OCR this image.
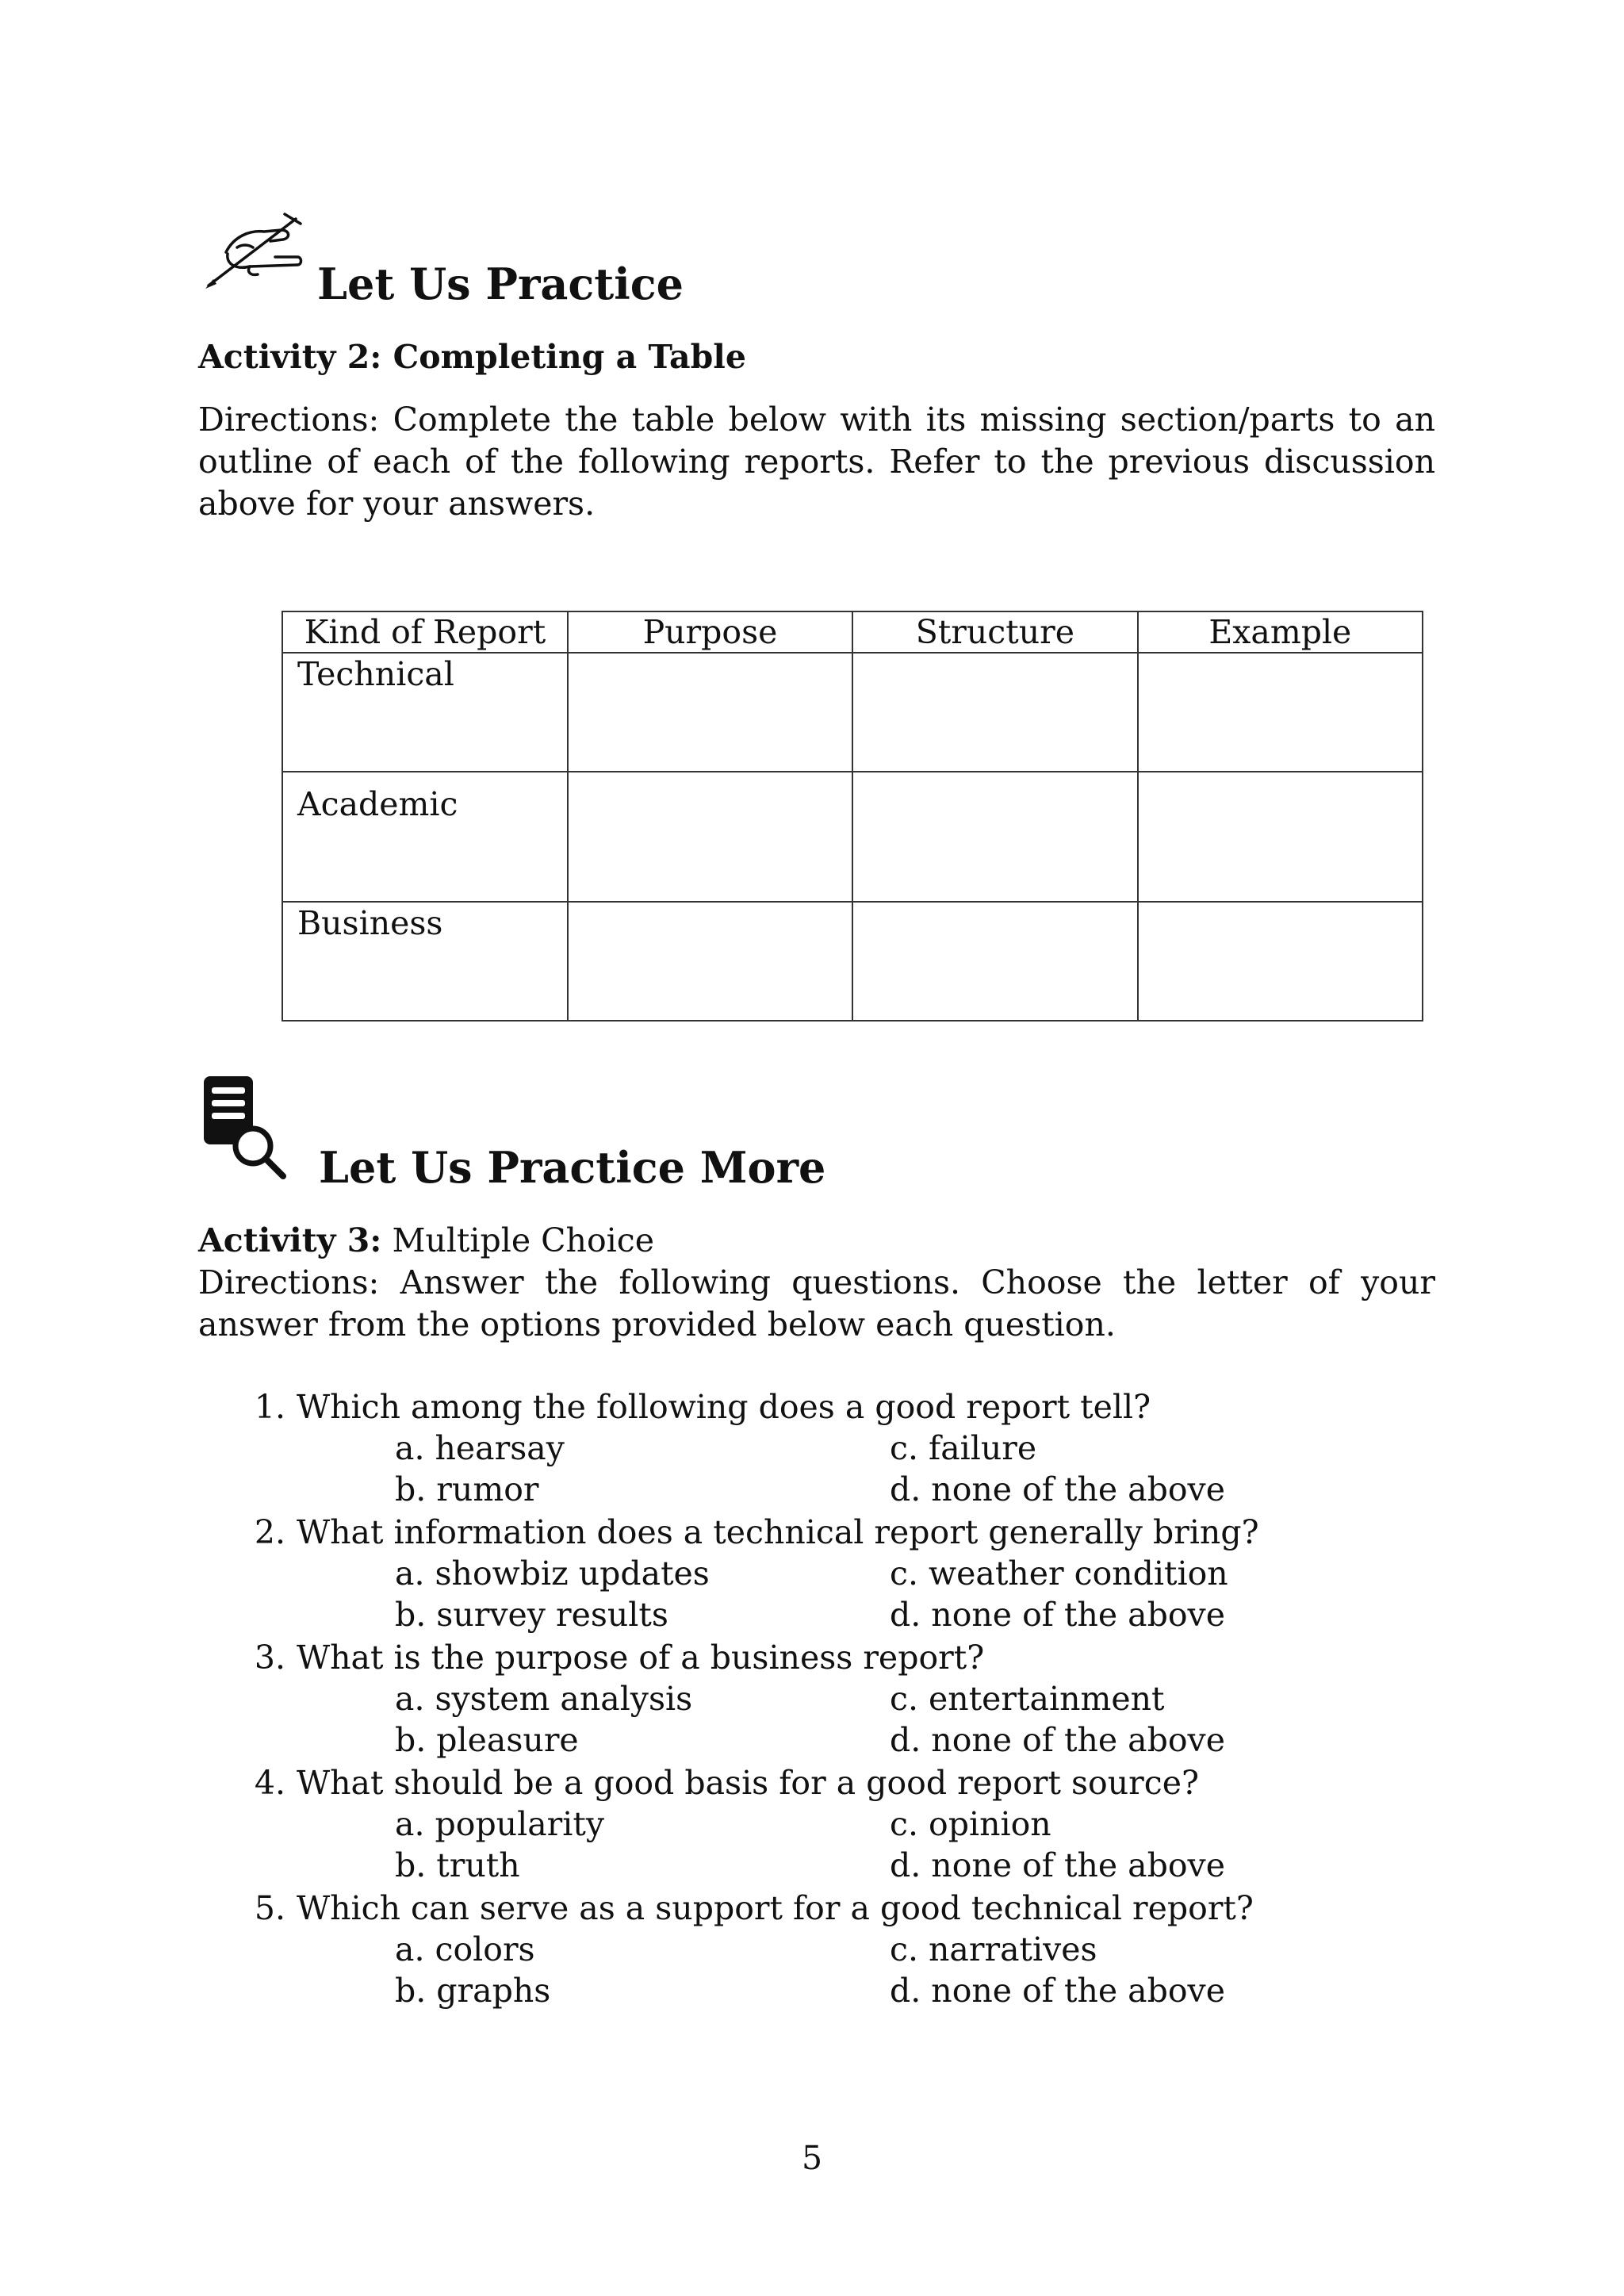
Let Us Practice
Activity 2: Completing a Table
Directions: Complete the table below with its missing section/parts to an outline of each of the following reports. Refer to the previous discussion above for your answers.
Kind of Report	Purpose	Structure	Example
Technical			
Academic			
Business			
Let Us Practice More
Activity 3: Multiple Choice
Directions: Answer the following questions. Choose the letter of your answer from the options provided below each question.
1. Which among the following does a good report tell?
a. hearsay	c. failure
b. rumor	d. none of the above
2. What information does a technical report generally bring?
a. showbiz updates	c. weather condition
b. survey results	d. none of the above
3. What is the purpose of a business report?
a. system analysis	c. entertainment
b. pleasure	d. none of the above
4. What should be a good basis for a good report source?
a. popularity	c. opinion
b. truth	d. none of the above
5. Which can serve as a support for a good technical report?
a. colors	c. narratives
b. graphs	d. none of the above
5
